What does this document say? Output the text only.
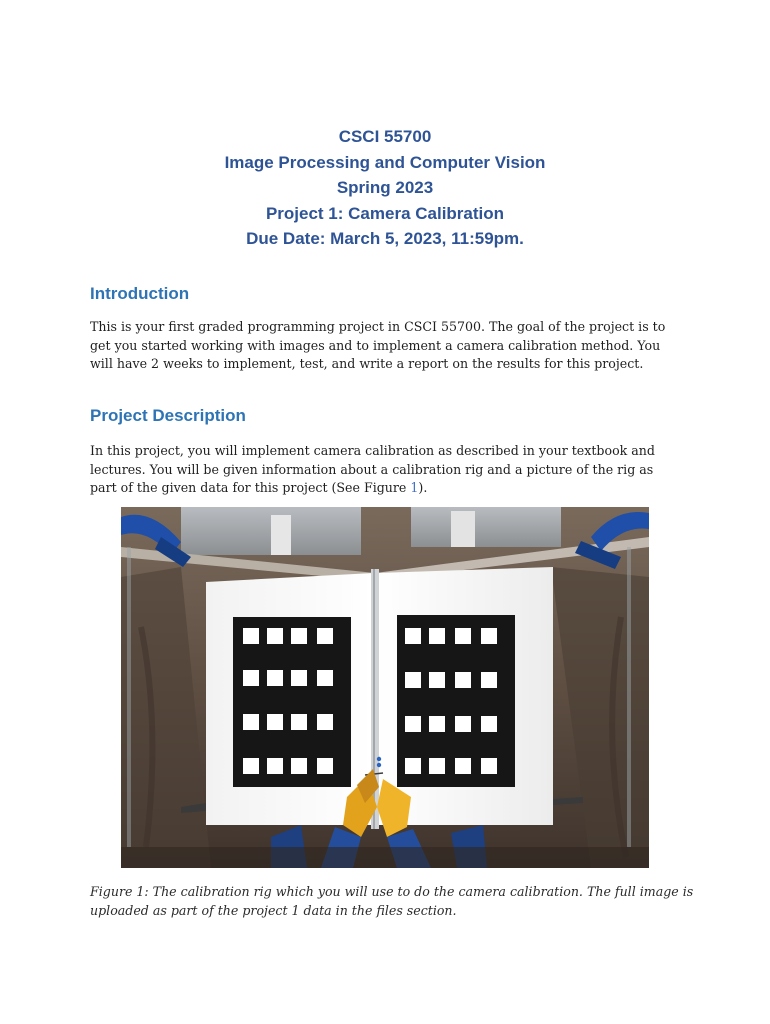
CSCI 55700
Image Processing and Computer Vision
Spring 2023
Project 1: Camera Calibration
Due Date: March 5, 2023, 11:59pm.
Introduction
This is your first graded programming project in CSCI 55700. The goal of the project is to
get you started working with images and to implement a camera calibration method. You
will have 2 weeks to implement, test, and write a report on the results for this project.
Project Description
In this project, you will implement camera calibration as described in your textbook and
lectures. You will be given information about a calibration rig and a picture of the rig as
part of the given data for this project (See Figure 1).
Figure 1: The calibration rig which you will use to do the camera calibration. The full image is
uploaded as part of the project 1 data in the files section.
